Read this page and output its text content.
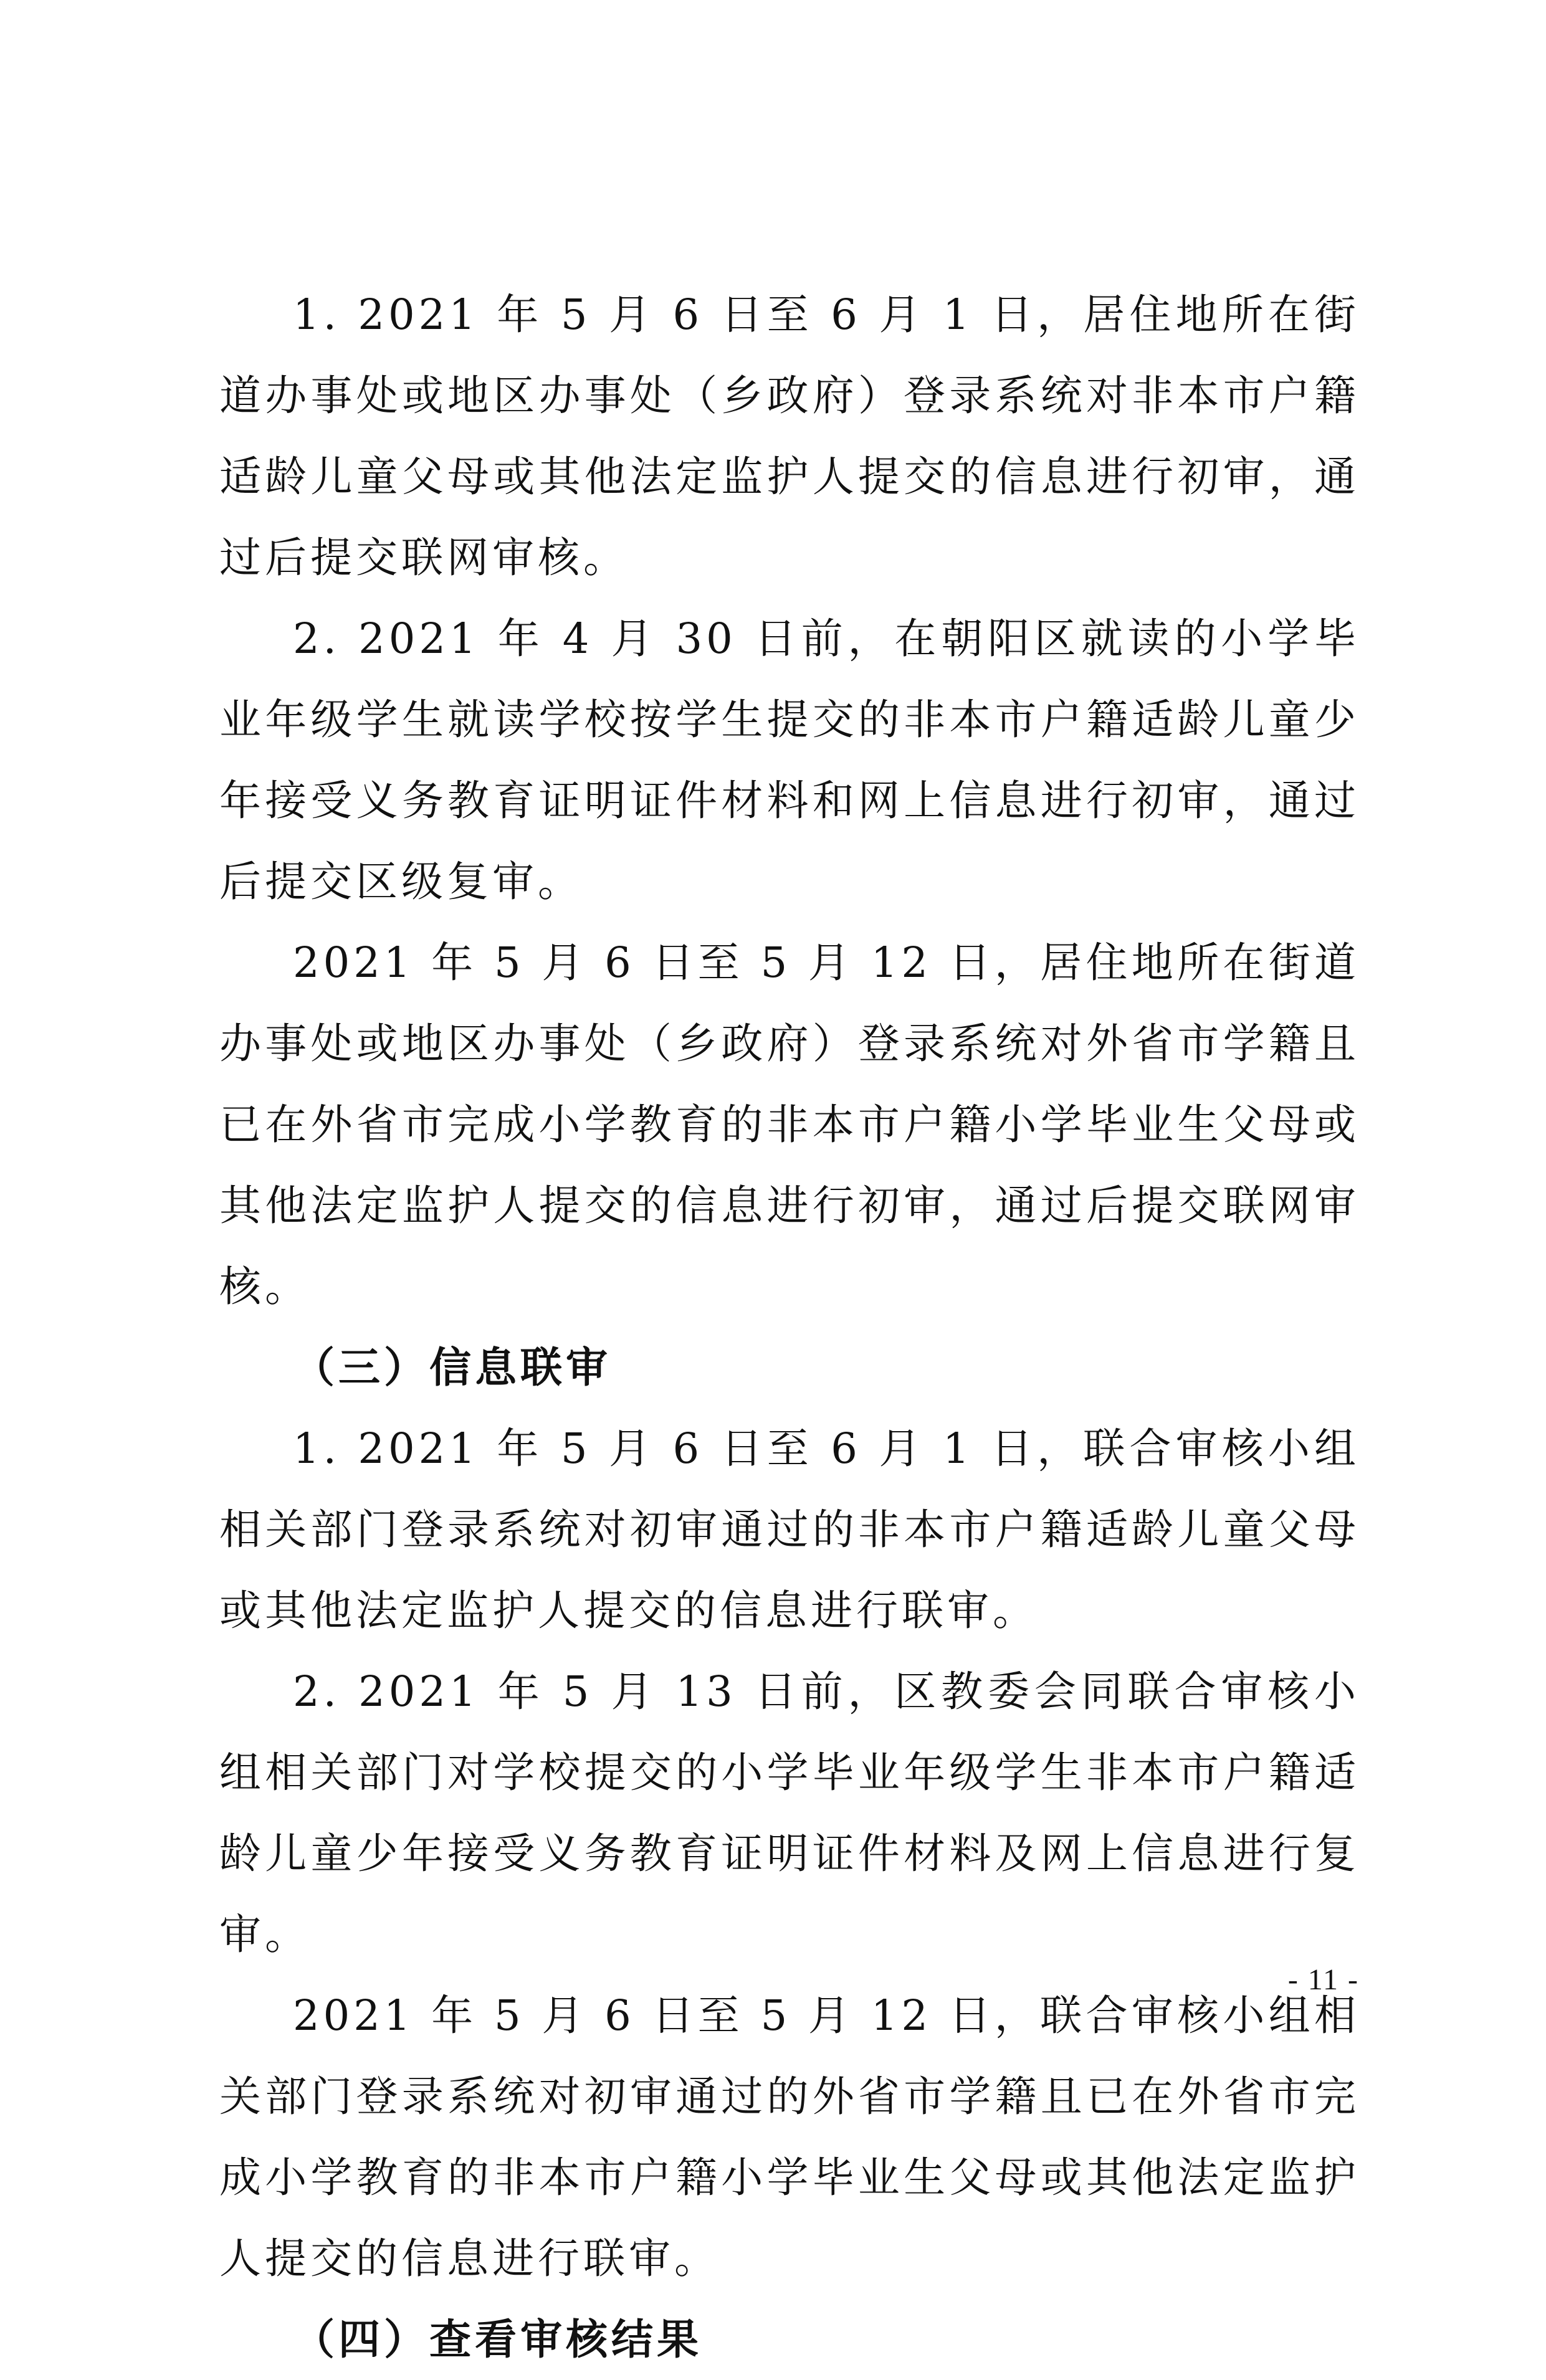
1. 2021 年 5 月 6 日至 6 月 1 日，居住地所在街道办事处或地区办事处（乡政府）登录系统对非本市户籍适龄儿童父母或其他法定监护人提交的信息进行初审，通过后提交联网审核。

2. 2021 年 4 月 30 日前，在朝阳区就读的小学毕业年级学生就读学校按学生提交的非本市户籍适龄儿童少年接受义务教育证明证件材料和网上信息进行初审，通过后提交区级复审。

2021 年 5 月 6 日至 5 月 12 日，居住地所在街道办事处或地区办事处（乡政府）登录系统对外省市学籍且已在外省市完成小学教育的非本市户籍小学毕业生父母或其他法定监护人提交的信息进行初审，通过后提交联网审核。

（三）信息联审

1. 2021 年 5 月 6 日至 6 月 1 日，联合审核小组相关部门登录系统对初审通过的非本市户籍适龄儿童父母或其他法定监护人提交的信息进行联审。

2. 2021 年 5 月 13 日前，区教委会同联合审核小组相关部门对学校提交的小学毕业年级学生非本市户籍适龄儿童少年接受义务教育证明证件材料及网上信息进行复审。

2021 年 5 月 6 日至 5 月 12 日，联合审核小组相关部门登录系统对初审通过的外省市学籍且已在外省市完成小学教育的非本市户籍小学毕业生父母或其他法定监护人提交的信息进行联审。

（四）查看审核结果

- 11 -
